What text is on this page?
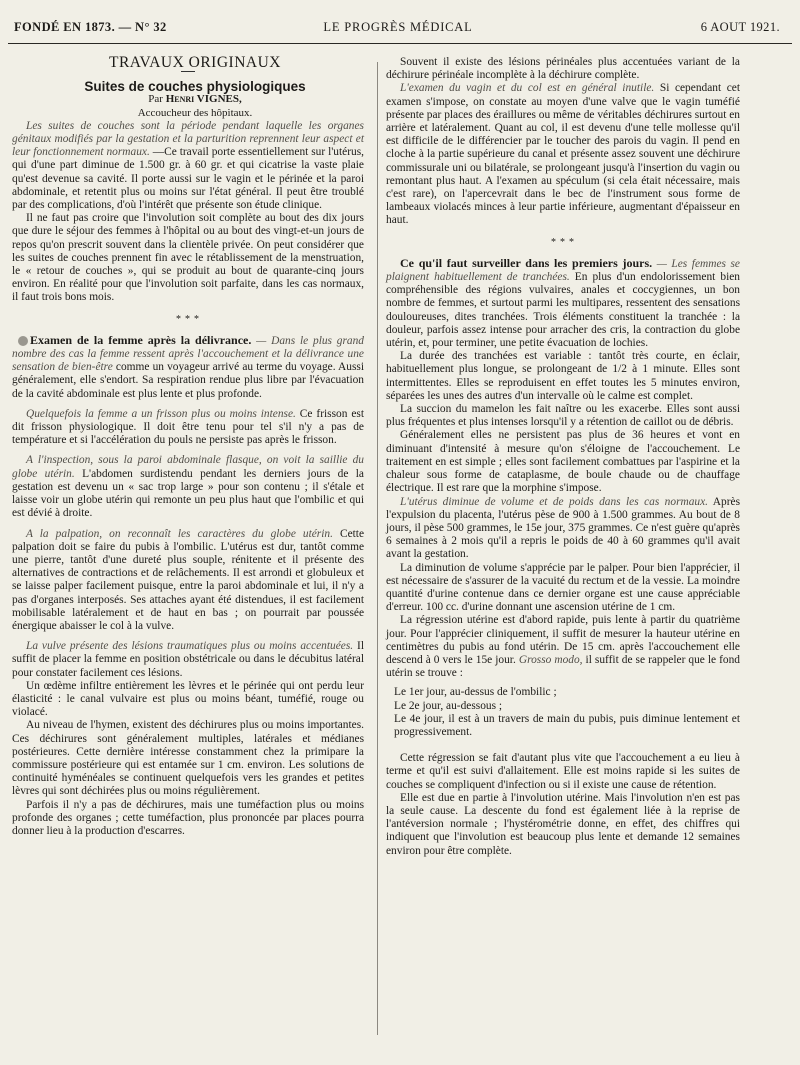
FONDÉ EN 1873. — N° 32	LE PROGRÈS MÉDICAL	6 AOUT 1921.

TRAVAUX ORIGINAUX

Suites de couches physiologiques

Par Henri VIGNES,

Accoucheur des hôpitaux.

Les suites de couches sont la période pendant laquelle les organes génitaux modifiés par la gestation et la parturition reprennent leur aspect et leur fonctionnement normaux. —Ce travail porte essentiellement sur l'utérus, qui d'une part diminue de 1.500 gr. à 60 gr. et qui cicatrise la vaste plaie qu'est devenue sa cavité. Il porte aussi sur le vagin et le périnée et la paroi abdominale, et retentit plus ou moins sur l'état général. Il peut être troublé par des complications, d'où l'intérêt que présente son étude clinique.

Il ne faut pas croire que l'involution soit complète au bout des dix jours que dure le séjour des femmes à l'hôpital ou au bout des vingt-et-un jours de repos qu'on prescrit souvent dans la clientèle privée. On peut considérer que les suites de couches prennent fin avec le rétablissement de la menstruation, le « retour de couches », qui se produit au bout de quarante-cinq jours environ. En réalité pour que l'involution soit parfaite, dans les cas normaux, il faut trois bons mois.

* * *

Examen de la femme après la délivrance. — Dans le plus grand nombre des cas la femme ressent après l'accouchement et la délivrance une sensation de bien-être comme un voyageur arrivé au terme du voyage. Aussi généralement, elle s'endort. Sa respiration rendue plus libre par l'évacuation de la cavité abdominale est plus lente et plus profonde.

Quelquefois la femme a un frisson plus ou moins intense. Ce frisson est dit frisson physiologique. Il doit être tenu pour tel s'il n'y a pas de température et si l'accélération du pouls ne persiste pas après le frisson.

A l'inspection, sous la paroi abdominale flasque, on voit la saillie du globe utérin. L'abdomen surdistendu pendant les derniers jours de la gestation est devenu un « sac trop large » pour son contenu ; il s'étale et laisse voir un globe utérin qui remonte un peu plus haut que l'ombilic et qui est dévié à droite.

A la palpation, on reconnaît les caractères du globe utérin. Cette palpation doit se faire du pubis à l'ombilic. L'utérus est dur, tantôt comme une pierre, tantôt d'une dureté plus souple, rénitente et il présente des alternatives de contractions et de relâchements. Il est arrondi et globuleux et se laisse palper facilement puisque, entre la paroi abdominale et lui, il n'y a pas d'organes interposés. Ses attaches ayant été distendues, il est facilement mobilisable latéralement et de haut en bas ; on pourrait par poussée énergique abaisser le col à la vulve.

La vulve présente des lésions traumatiques plus ou moins accentuées. Il suffit de placer la femme en position obstétricale ou dans le décubitus latéral pour constater facilement ces lésions.

Un œdème infiltre entièrement les lèvres et le périnée qui ont perdu leur élasticité : le canal vulvaire est plus ou moins béant, tuméfié, rouge ou violacé.

Au niveau de l'hymen, existent des déchirures plus ou moins importantes. Ces déchirures sont généralement multiples, latérales et médianes postérieures. Cette dernière intéresse constamment chez la primipare la commissure postérieure qui est entamée sur 1 cm. environ. Les solutions de continuité hyménéales se continuent quelquefois vers les grandes et petites lèvres qui sont déchirées plus ou moins régulièrement.

Parfois il n'y a pas de déchirures, mais une tuméfaction plus ou moins profonde des organes ; cette tuméfaction, plus prononcée par places pourra donner lieu à la production d'escarres.

Souvent il existe des lésions périnéales plus accentuées variant de la déchirure périnéale incomplète à la déchirure complète.

L'examen du vagin et du col est en général inutile. Si cependant cet examen s'impose, on constate au moyen d'une valve que le vagin tuméfié présente par places des éraillures ou même de véritables déchirures surtout en arrière et latéralement. Quant au col, il est devenu d'une telle mollesse qu'il est difficile de le différencier par le toucher des parois du vagin. Il pend en cloche à la partie supérieure du canal et présente assez souvent une déchirure commissurale uni ou bilatérale, se prolongeant jusqu'à l'insertion du vagin ou remontant plus haut. A l'examen au spéculum (si cela était nécessaire, mais c'est rare), on l'apercevrait dans le bec de l'instrument sous forme de lambeaux violacés minces à leur partie inférieure, augmentant d'épaisseur en haut.

* * *

Ce qu'il faut surveiller dans les premiers jours. — Les femmes se plaignent habituellement de tranchées. En plus d'un endolorissement bien compréhensible des régions vulvaires, anales et coccygiennes, un bon nombre de femmes, et surtout parmi les multipares, ressentent des sensations douloureuses, dites tranchées. Trois éléments constituent la tranchée : la douleur, parfois assez intense pour arracher des cris, la contraction du globe utérin, et, pour terminer, une petite évacuation de lochies.

La durée des tranchées est variable : tantôt très courte, en éclair, habituellement plus longue, se prolongeant de 1/2 à 1 minute. Elles sont intermittentes. Elles se reproduisent en effet toutes les 5 minutes environ, séparées les unes des autres d'un intervalle où le calme est complet.

La succion du mamelon les fait naître ou les exacerbe. Elles sont aussi plus fréquentes et plus intenses lorsqu'il y a rétention de caillot ou de débris.

Généralement elles ne persistent pas plus de 36 heures et vont en diminuant d'intensité à mesure qu'on s'éloigne de l'accouchement. Le traitement en est simple ; elles sont facilement combattues par l'aspirine et la chaleur sous forme de cataplasme, de boule chaude ou de chauffage électrique. Il est rare que la morphine s'impose.

L'utérus diminue de volume et de poids dans les cas normaux. Après l'expulsion du placenta, l'utérus pèse de 900 à 1.500 grammes. Au bout de 8 jours, il pèse 500 grammes, le 15e jour, 375 grammes. Ce n'est guère qu'après 6 semaines à 2 mois qu'il a repris le poids de 40 à 60 grammes qu'il avait avant la gestation.

La diminution de volume s'apprécie par le palper. Pour bien l'apprécier, il est nécessaire de s'assurer de la vacuité du rectum et de la vessie. La moindre quantité d'urine contenue dans ce dernier organe est une cause appréciable d'erreur. 100 cc. d'urine donnant une ascension utérine de 1 cm.

La régression utérine est d'abord rapide, puis lente à partir du quatrième jour. Pour l'apprécier cliniquement, il suffit de mesurer la hauteur utérine en centimètres du pubis au fond utérin. De 15 cm. après l'accouchement elle descend à 0 vers le 15e jour. Grosso modo, il suffit de se rappeler que le fond utérin se trouve :

Le 1er jour, au-dessus de l'ombilic ;
Le 2e jour, au-dessous ;
Le 4e jour, il est à un travers de main du pubis, puis diminue lentement et progressivement.

Cette régression se fait d'autant plus vite que l'accouchement a eu lieu à terme et qu'il est suivi d'allaitement. Elle est moins rapide si les suites de couches se compliquent d'infection ou si il existe une cause de rétention.

Elle est due en partie à l'involution utérine. Mais l'involution n'en est pas la seule cause. La descente du fond est également liée à la reprise de l'antéversion normale ; l'hystérométrie donne, en effet, des chiffres qui indiquent que l'involution est beaucoup plus lente et demande 12 semaines environ pour être complète.
